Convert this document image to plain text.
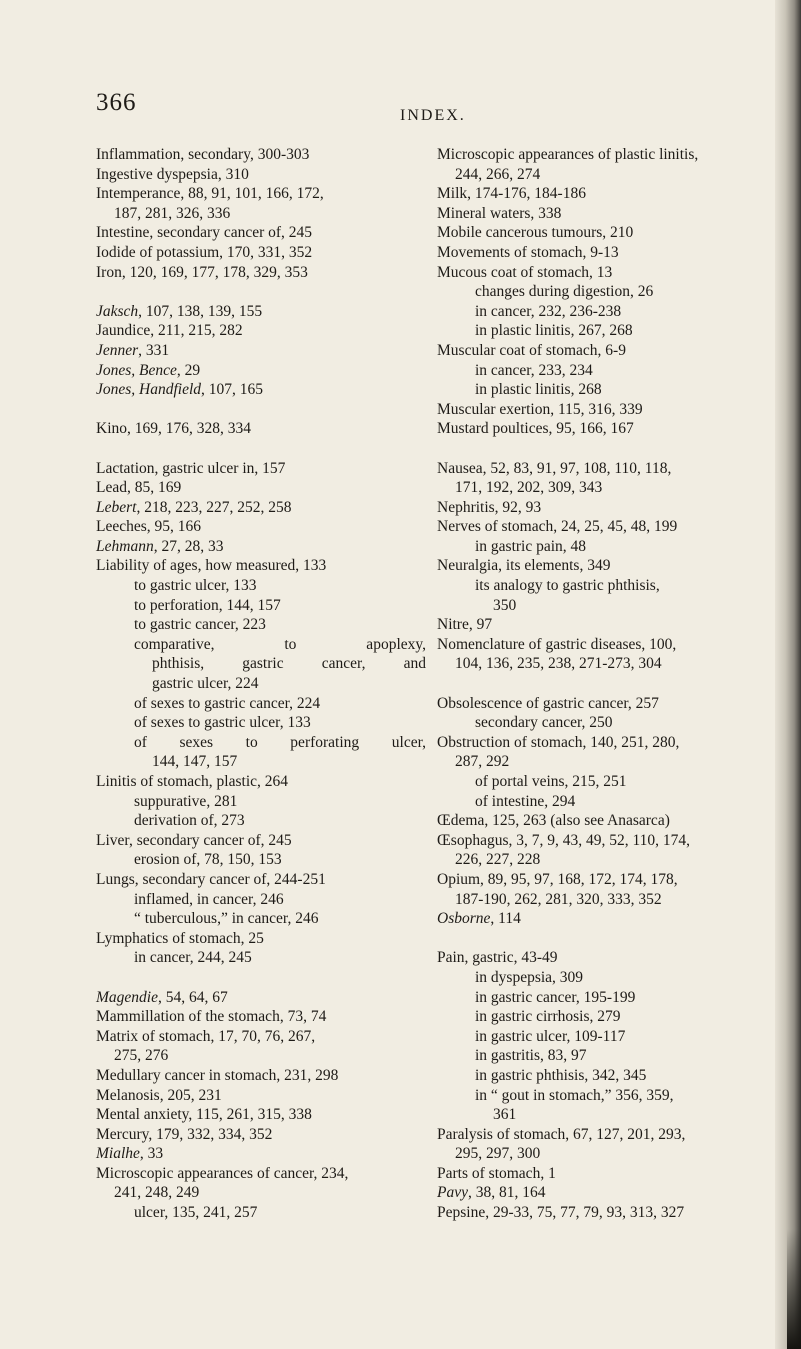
366	INDEX.
Inflammation, secondary, 300-303
Ingestive dyspepsia, 310
Intemperance, 88, 91, 101, 166, 172,
187, 281, 326, 336
Intestine, secondary cancer of, 245
Iodide of potassium, 170, 331, 352
Iron, 120, 169, 177, 178, 329, 353
Jaksch, 107, 138, 139, 155
Jaundice, 211, 215, 282
Jenner, 331
Jones, Bence, 29
Jones, Handfield, 107, 165
Kino, 169, 176, 328, 334
Lactation, gastric ulcer in, 157
Lead, 85, 169
Lebert, 218, 223, 227, 252, 258
Leeches, 95, 166
Lehmann, 27, 28, 33
Liability of ages, how measured, 133
to gastric ulcer, 133
to perforation, 144, 157
to gastric cancer, 223
comparative, to apoplexy,
phthisis, gastric cancer, and
gastric ulcer, 224
of sexes to gastric cancer, 224
of sexes to gastric ulcer, 133
of sexes to perforating ulcer,
144, 147, 157
Linitis of stomach, plastic, 264
suppurative, 281
derivation of, 273
Liver, secondary cancer of, 245
erosion of, 78, 150, 153
Lungs, secondary cancer of, 244-251
inflamed, in cancer, 246
“ tuberculous,” in cancer, 246
Lymphatics of stomach, 25
in cancer, 244, 245
Magendie, 54, 64, 67
Mammillation of the stomach, 73, 74
Matrix of stomach, 17, 70, 76, 267,
275, 276
Medullary cancer in stomach, 231, 298
Melanosis, 205, 231
Mental anxiety, 115, 261, 315, 338
Mercury, 179, 332, 334, 352
Mialhe, 33
Microscopic appearances of cancer, 234,
241, 248, 249
ulcer, 135, 241, 257
Microscopic appearances of plastic linitis,
244, 266, 274
Milk, 174-176, 184-186
Mineral waters, 338
Mobile cancerous tumours, 210
Movements of stomach, 9-13
Mucous coat of stomach, 13
changes during digestion, 26
in cancer, 232, 236-238
in plastic linitis, 267, 268
Muscular coat of stomach, 6-9
in cancer, 233, 234
in plastic linitis, 268
Muscular exertion, 115, 316, 339
Mustard poultices, 95, 166, 167
Nausea, 52, 83, 91, 97, 108, 110, 118,
171, 192, 202, 309, 343
Nephritis, 92, 93
Nerves of stomach, 24, 25, 45, 48, 199
in gastric pain, 48
Neuralgia, its elements, 349
its analogy to gastric phthisis,
350
Nitre, 97
Nomenclature of gastric diseases, 100,
104, 136, 235, 238, 271-273, 304
Obsolescence of gastric cancer, 257
secondary cancer, 250
Obstruction of stomach, 140, 251, 280,
287, 292
of portal veins, 215, 251
of intestine, 294
Œdema, 125, 263 (also see Anasarca)
Œsophagus, 3, 7, 9, 43, 49, 52, 110, 174,
226, 227, 228
Opium, 89, 95, 97, 168, 172, 174, 178,
187-190, 262, 281, 320, 333, 352
Osborne, 114
Pain, gastric, 43-49
in dyspepsia, 309
in gastric cancer, 195-199
in gastric cirrhosis, 279
in gastric ulcer, 109-117
in gastritis, 83, 97
in gastric phthisis, 342, 345
in “ gout in stomach,” 356, 359,
361
Paralysis of stomach, 67, 127, 201, 293,
295, 297, 300
Parts of stomach, 1
Pavy, 38, 81, 164
Pepsine, 29-33, 75, 77, 79, 93, 313, 327
